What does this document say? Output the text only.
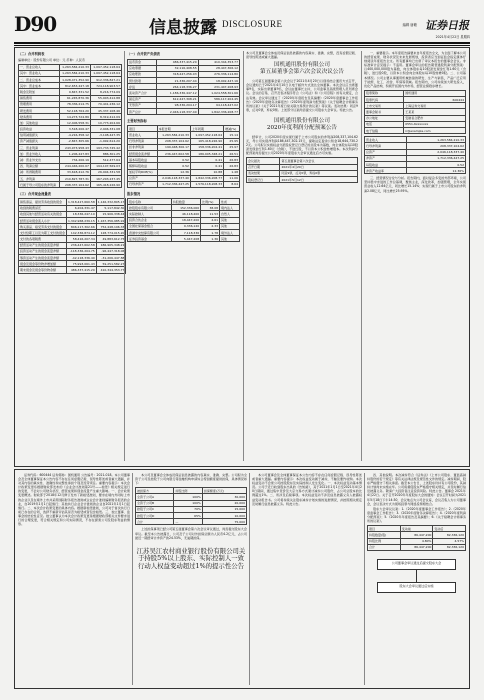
D90	信息披露 DISCLOSURE	编辑 唐赣 证券日报
2021年4月22日 星期四
（二）合并利润表
编制单位：股份有限公司 单位：元 币种：人民币
一、营业总收入	1,263,584,210.33	1,097,452,118.64
其中：营业收入	1,263,584,210.33	1,097,452,118.64
二、营业总成本	1,028,471,352.90	912,336,847.21
其中：营业成本	812,653,447.18	724,118,903.57
税金及附加	9,847,331.52	8,216,774.09
销售费用	61,245,870.36	55,903,412.88
管理费用	78,336,214.75	70,441,236.12
研发费用	52,118,764.20	45,337,108.46
财务费用	14,273,724.89	8,319,412.09
加：其他收益	12,406,558.31	10,773,204.66
投资收益	3,518,206.47	2,946,331.08
信用减值损失	-4,216,358.12	-3,108,447.35
资产减值损失	-2,847,305.66	-1,992,614.20
三、营业利润	243,973,958.43	193,733,745.42
加：营业外收入	1,206,447.83	886,301.25
减：营业外支出	734,206.19	512,477.64
四、利润总额	244,446,200.07	194,107,569.03
减：所得税费用	33,618,412.76	26,904,331.58
五、净利润	210,827,787.31	167,203,237.45
归属于母公司股东的净利润	208,337,104.62	165,418,226.90
（三）合并现金流量表
销售商品、提供劳务收到的现金	1,318,427,660.58	1,146,332,805.17
收到的税费返还	6,204,331.47	5,117,842.30
收到其他与经营活动有关的现金	18,336,247.10	15,906,338.44
经营活动现金流入小计	1,342,968,239.15	1,167,356,985.91
购买商品、接受劳务支付的现金	846,117,302.66	752,448,196.33
支付给职工以及为职工支付的现金	142,336,874.12	128,774,015.20
支付的各项税费	58,416,207.34	49,883,612.75
经营活动产生的现金流量净额	236,447,602.58	186,905,348.21
投资活动产生的现金流量净额	-118,336,204.75	-96,447,318.06
筹资活动产生的现金流量净额	-42,118,336.40	-31,206,447.88
现金及现金等价物净增加额	75,993,061.43	59,251,582.27
期末现金及现金等价物余额	486,337,415.20	410,344,353.77
（一）合并资产负债表
货币资金	486,337,415.20	410,344,353.77
应收票据	32,116,408.55	28,447,306.12
应收账款	318,447,256.03	276,336,114.80
预付款项	21,336,207.44	18,902,447.16
存货	264,118,336.27	231,447,208.93
流动资产合计	1,186,336,447.12	1,024,558,301.66
固定资产	612,447,308.21	586,117,204.45
无形资产	98,336,204.17	94,118,447.02
资产总计	2,046,118,337.40	1,842,336,208.77
主要财务指标
项目	本报告期	上年同期	增减(%)
营业收入	1,263,584,210.33	1,097,452,118.64	15.14
归母净利润	208,337,104.62	165,418,226.90	25.95
扣非净利润	199,448,306.17	158,336,204.41	25.97
经营现金流净额	236,447,602.58	186,905,348.21	26.51
基本每股收益	0.52	0.41	26.83
稀释每股收益	0.52	0.41	26.83
加权平均ROE(%)	12.36	10.88	1.48
总资产	2,046,118,337.40	1,842,336,208.77	11.06
归母净资产	1,712,336,447.25	1,576,118,208.33	8.64
股东情况
股东名称	持股数量	比例(%)	性质
控股股东有限公司	152,336,000	38.08	境内法人
实际控制人	46,118,400	11.53	自然人
投资合伙企业	18,447,200	4.61	其他
全国社保基金组合	9,336,120	2.33	其他
香港中央结算有限公司	7,118,336	1.78	境外法人
证券投资基金	5,447,208	1.36	其他
本公司及董事会全体成员保证信息披露的内容真实、准确、完整，没有虚假记载、误导性陈述或重大遗漏。
国机通用股份有限公司
第五届董事会第六次会议决议公告
公司第五届董事会第六次会议于2021年4月20日以现场结合通讯方式召开，会议通知已于2021年4月10日以电子邮件方式送达全体董事。本次会议应出席董事9名，实际出席董事9名，会议由董事长主持，公司监事及高级管理人员列席会议。会议的召集、召开及表决程序符合《公司法》和《公司章程》的有关规定，合法有效。会议审议通过了《2020年年度报告及其摘要》《2020年度董事会工作报告》《2020年度财务决算报告》《2020年度利润分配预案》《关于续聘会计师事务所的议案》《关于2021年度日常关联交易预计的议案》等议案。表决结果：同意9票，反对0票，弃权0票。上述部分议案尚需提交公司股东大会审议。特此公告。
国机通用股份有限公司
2020年度利润分配预案公告
经审计，公司2020年度实现归属于上市公司股东的净利润208,337,104.62元，母公司实现净利润186,447,302.15元，提取法定盈余公积金18,644,730.22元。公司拟以实施权益分派股权登记日登记的总股本为基数，向全体股东每10股派发现金红利1.60元（含税），不送红股，不以资本公积金转增股本。本次利润分配预案尚需提交公司2020年年度股东大会审议通过后方可实施。
会议届次	第五届董事会第六次会议
召开日期	2021年4月20日
表决结果	同意9票，反对0票，弃权0票
股权登记日	2021年5月12日
一、重要提示。本年度报告摘要来自年度报告全文，为全面了解本公司的经营成果、财务状况及未来发展规划，投资者应当到证监会指定媒体仔细阅读年度报告全文。所有董事均已出席了审议本报告的董事会会议。非标准审计意见提示：不适用。董事会审议的报告期普通股利润分配预案：以400,000,000股为基数，向全体股东每10股派发现金红利1.60元（含税），送红股0股，以资本公积金向全体股东每10股转增0股。二、公司基本情况。公司主要从事通用机械装备的研发、生产与销售，产品广泛应用于能源、化工、冶金、环保等领域。报告期内，公司持续加大研发投入，优化产品结构，积极开拓国内外市场，经营业绩稳步增长。
股票简称	国机通用
股票代码	600444
上市交易所	上海证券交易所
董事会秘书	王某某
办公地址	安徽省合肥市
电话	0551-6xxxxxxx
电子信箱	ir@example.com
营业收入	1,263,584,210.33
归母净利润	208,337,104.62
总资产	2,046,118,337.40
净资产	1,712,336,447.25
每股收益	0.52
净资产收益率	12.36%
三、经营情况讨论与分析。报告期内，面对复杂多变的外部环境，公司坚持稳中求进的工作总基调，聚焦主业，深化改革，加强管理，全年实现营业收入12.64亿元，同比增长15.14%；实现归属于上市公司股东的净利润2.08亿元，同比增长25.95%。
证券代码：600444 证券简称：国机通用 公告编号：2021-018。本公司董事会及全体董事保证本公告内容不存在任何虚假记载、误导性陈述或者重大遗漏，并对其内容的真实性、准确性和完整性承担个别及连带责任。重要内容提示：本次会计政策变更系根据财政部发布的《企业会计准则第21号——租赁》相关规定进行的变更，不会对公司财务状况、经营成果和现金流量产生重大影响。一、会计政策变更概述。财政部于2018年12月修订发布了新租赁准则，要求在境内外同时上市的企业以及在境外上市并采用国际财务报告准则或企业会计准则编制财务报表的企业，自2019年1月1日起施行；其他执行企业会计准则的企业自2021年1月1日起施行。二、本次会计政策变更的具体内容。根据新租赁准则，公司对于首次执行日前已存在的合同，选择不重新评估其是否为租赁或者包含租赁。三、独立董事、监事会的结论性意见。独立董事认为本次会计政策变更是根据财政部相关文件要求进行的合理变更，符合相关规定和公司实际情况，不存在损害公司及股东利益的情形。
本公司及董事会全体成员保证信息披露的内容真实、准确、完整。公司拟为全资子公司及控股子公司向银行等金融机构申请综合授信额度提供担保，具体情况如下：
被担保方	持股比例	担保额度(万元)
全资子公司A	100%	30,000
全资子公司B	100%	20,000
控股子公司C	70%	15,000
控股子公司D	65%	10,000
合计	—	75,000
上述担保事项已经公司第五届董事会第六次会议审议通过，尚需提交股东大会审议。截至本公告披露日，公司及子公司对外担保总额为人民币4.2亿元，占公司最近一期经审计净资产的24.53%，无逾期担保。
江苏吴江农村商业银行股份有限公司关于持股5%以上股东、实际控制人一致行动人权益变动超过1%的提示性公告
本公司董事会及全体董事保证本公告内容不存在任何虚假记载、误导性陈述或者重大遗漏。重要内容提示：本次权益变动属于减持，不触及要约收购。本次权益变动不会使公司控股股东及实际控制人发生变化。一、本次权益变动基本情况。公司于近日收到股东出具的《告知函》，其于2021年1月1日至2021年4月20日期间，通过集中竞价及大宗交易方式累计减持公司股份，占公司总股本的比例超过1%。二、所涉及后续事项。本次权益变动不涉及信息披露义务人披露权益变动报告书。公司将持续关注股东减持计划实施的进展情况，并按照相关规定及时履行信息披露义务。特此公告。
四、其他说明。本次减持符合《证券法》《上市公司股东、董监高减持股份的若干规定》等有关法律法规及规范性文件的规定。减持期间，股东严格遵守了相关承诺。截至本公告日，上述股东仍持有公司股份，其减持计划尚未实施完毕。公司将督促股东严格遵守相关规定，并及时履行信息披露义务。敬请广大投资者注意投资风险。特此公告。董事会 2021年4月22日。关于召开2020年年度股东大会的通知：会议召开时间为2021年5月18日下午14:30，会议地点为公司会议室，会议召集人为公司董事会，会议表决方式为现场投票与网络投票相结合。
股东大会审议议案：1.《2020年度董事会工作报告》；2.《2020年度监事会工作报告》；3.《2020年度财务决算报告》；4.《2020年度利润分配预案》；5.《2020年年度报告及其摘要》；6.《关于续聘会计师事务所的议案》。
项目	变动前	变动后
持股数量(股)	86,447,200	82,336,120
持股比例	4.80%	4.57%
合计	86,447,200	82,336,120
公司董事会审议通过后提交股东大会
股东大会审议通过后实施
